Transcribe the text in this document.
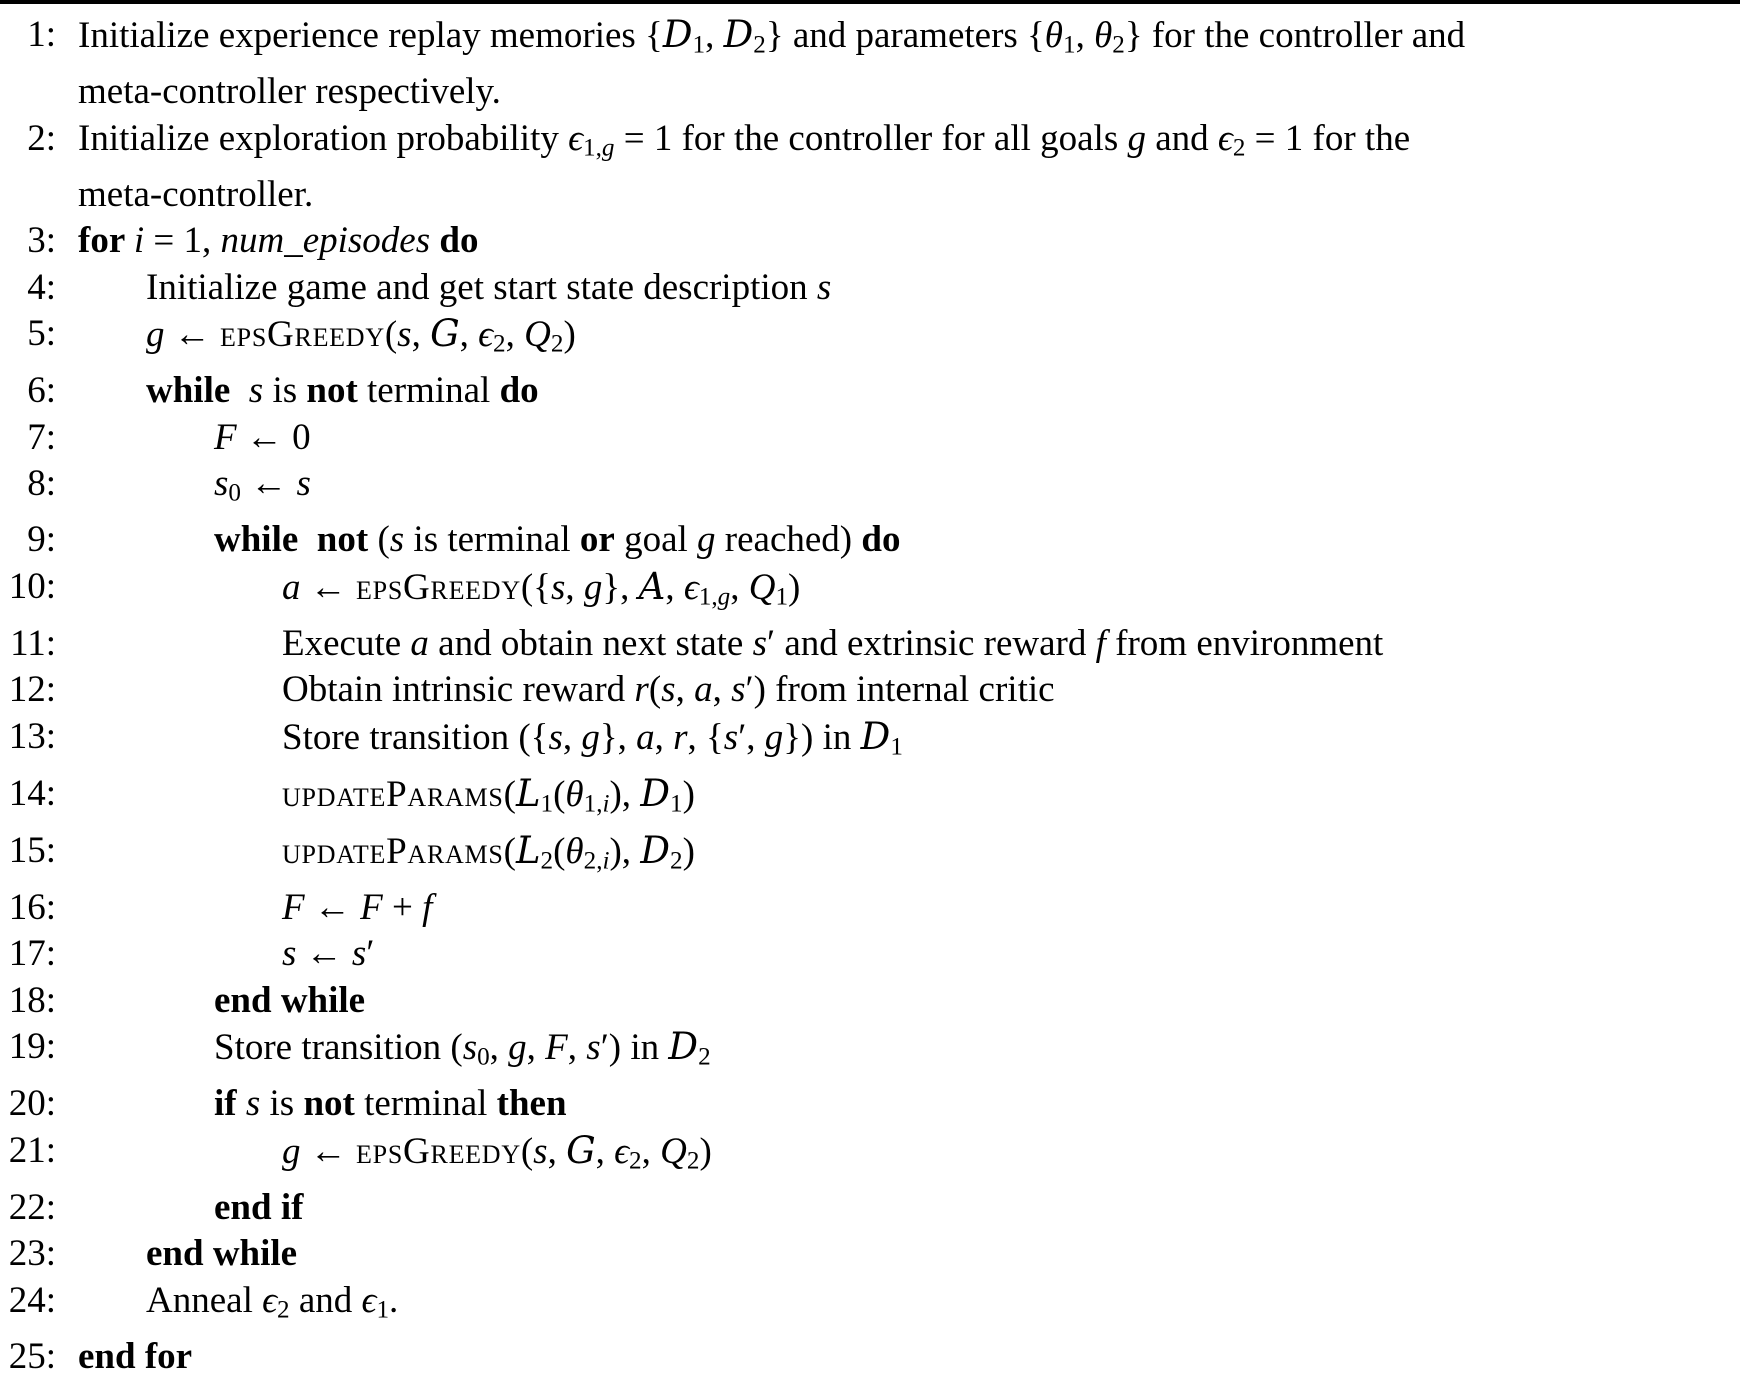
1: Initialize experience replay memories {$D_1$, $D_2$} and parameters {$\theta_1$, $\theta_2$} for the controller and
meta-controller respectively.
2: Initialize exploration probability $\epsilon_{1,g} = 1$ for the controller for all goals g and $\epsilon_2 = 1$ for the
meta-controller.
3: for i = 1, num_episodes do
4: Initialize game and get start state description s
5: g ← epsGreedy(s, G, $\epsilon_2$, $Q_2$)
6: while s is not terminal do
7:	F ← 0
8:	$s_0$ ← s
9:	while not (s is terminal or goal g reached) do
10:	a ← epsGreedy({s, g}, A, $\epsilon_{1,g}$, $Q_1$)
11:	Execute a and obtain next state s′ and extrinsic reward f from environment
12:	Obtain intrinsic reward r(s, a, s′) from internal critic
13:	Store transition ({s, g}, a, r, {s′, g}) in $D_1$
14:	$updateParams(L_1(\theta_{1,i})$, $D_1$)
15:	$updateParams(L_2(\theta_{2,i})$, $D_2$)
16:	F ← F + f
17:	s ← s′
18:	end while
19:	Store transition ($s_0$, g, F, s′) in $D_2$
20:	if s is not terminal then
21:	g ← epsGreedy(s, G, $\epsilon_2$, $Q_2$)
22:	end if
23: end while
24: Anneal $\epsilon_2$ and $\epsilon_1$.
25: end for
